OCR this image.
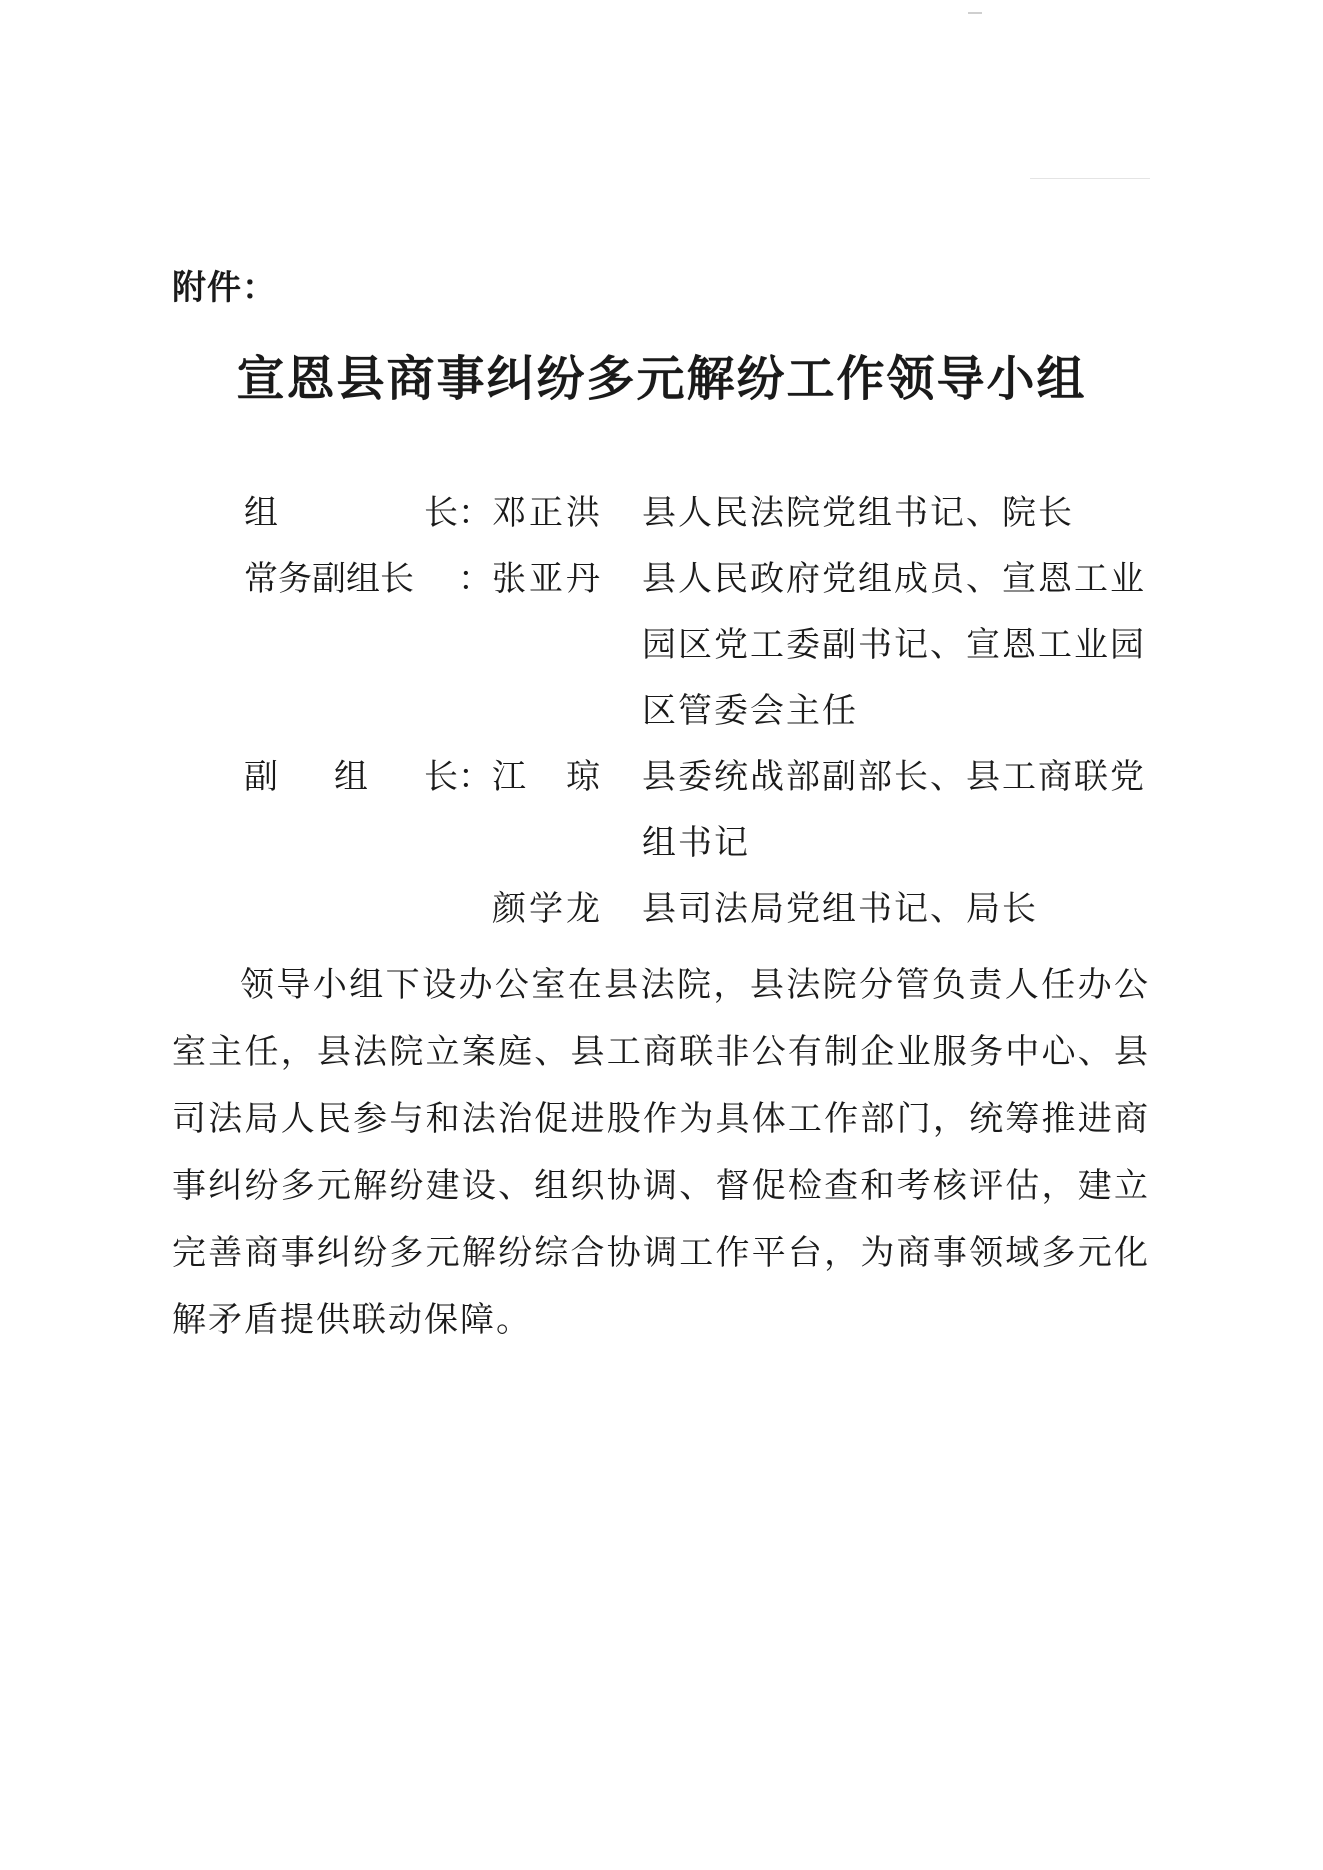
附件：

宣恩县商事纠纷多元解纷工作领导小组
组	长 ： 邓 正 洪 县人民法院党组书记、院长
常务副组长 ： 张 亚 丹 县人民政府党组成员、宣恩工业园区党工委副书记、宣恩工业园区管委会主任
副 组 长 ： 江 琼 县委统战部副部长、县工商联党组书记
颜 学 龙 县司法局党组书记、局长

领导小组下设办公室在县法院，县法院分管负责人任办公室主任，县法院立案庭、县工商联非公有制企业服务中心、县司法局人民参与和法治促进股作为具体工作部门，统筹推进商事纠纷多元解纷建设、组织协调、督促检查和考核评估，建立完善商事纠纷多元解纷综合协调工作平台，为商事领域多元化解矛盾提供联动保障。
